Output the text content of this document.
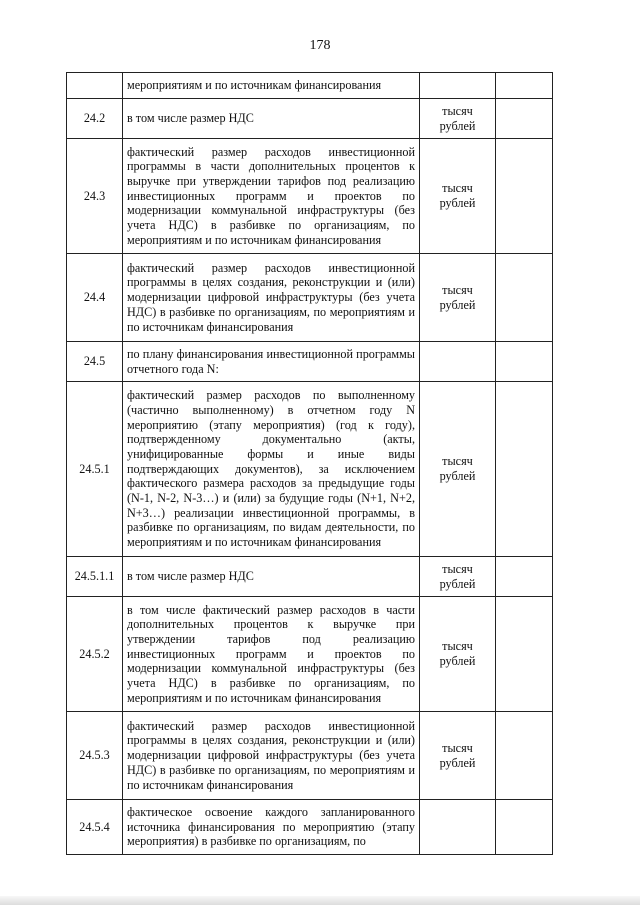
178
	мероприятиям и по источникам финансирования		
24.2	в том числе размер НДС	тысяч рублей	
24.3	фактический размер расходов инвестиционной программы в части дополнительных процентов к выручке при утверждении тарифов под реализацию инвестиционных программ и проектов по модернизации коммунальной инфраструктуры (без учета НДС) в разбивке по организациям, по мероприятиям и по источникам финансирования	тысяч рублей	
24.4	фактический размер расходов инвестиционной программы в целях создания, реконструкции и (или) модернизации цифровой инфраструктуры (без учета НДС) в разбивке по организациям, по мероприятиям и по источникам финансирования	тысяч рублей	
24.5	по плану финансирования инвестиционной программы отчетного года N:		
24.5.1	фактический размер расходов по выполненному (частично выполненному) в отчетном году N мероприятию (этапу мероприятия) (год к году), подтвержденному документально (акты, унифицированные формы и иные виды подтверждающих документов), за исключением фактического размера расходов за предыдущие годы (N-1, N-2, N-3…) и (или) за будущие годы (N+1, N+2, N+3…) реализации инвестиционной программы, в разбивке по организациям, по видам деятельности, по мероприятиям и по источникам финансирования	тысяч рублей	
24.5.1.1	в том числе размер НДС	тысяч рублей	
24.5.2	в том числе фактический размер расходов в части дополнительных процентов к выручке при утверждении тарифов под реализацию инвестиционных программ и проектов по модернизации коммунальной инфраструктуры (без учета НДС) в разбивке по организациям, по мероприятиям и по источникам финансирования	тысяч рублей	
24.5.3	фактический размер расходов инвестиционной программы в целях создания, реконструкции и (или) модернизации цифровой инфраструктуры (без учета НДС) в разбивке по организациям, по мероприятиям и по источникам финансирования	тысяч рублей	
24.5.4	фактическое освоение каждого запланированного источника финансирования по мероприятию (этапу мероприятия) в разбивке по организациям, по		
